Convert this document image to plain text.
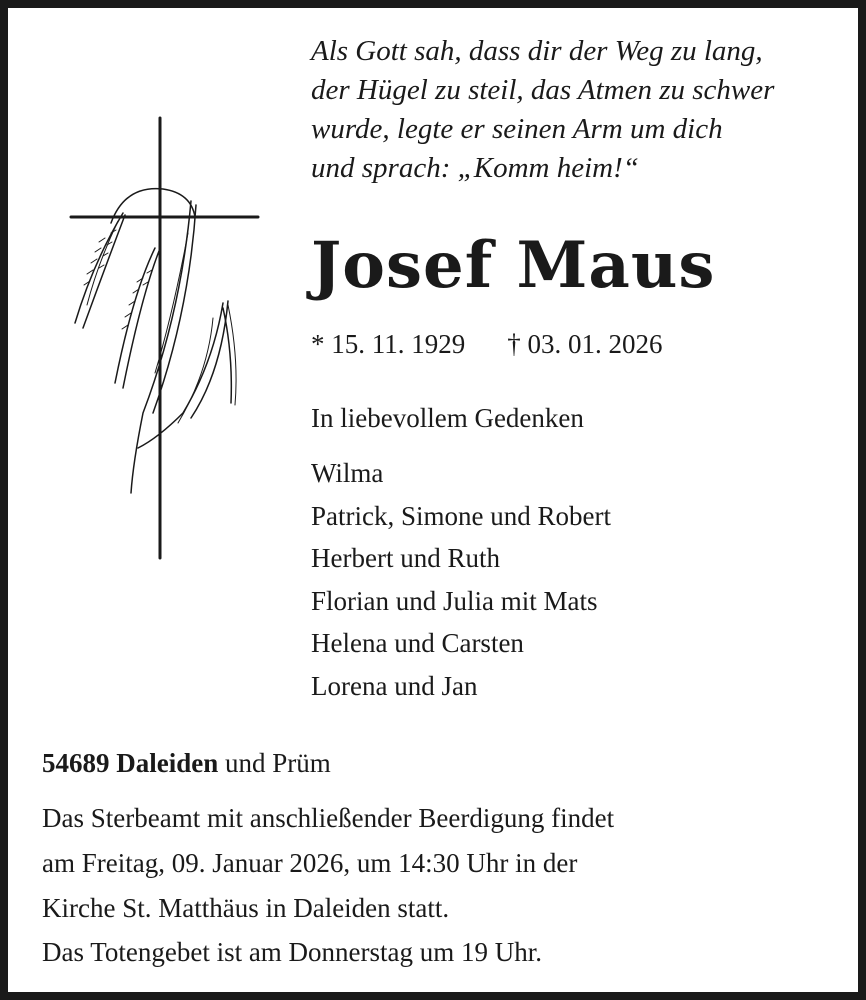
Als Gott sah, dass dir der Weg zu lang,
der Hügel zu steil, das Atmen zu schwer
wurde, legte er seinen Arm um dich
und sprach: „Komm heim!“
Josef Maus
* 15. 11. 1929 † 03. 01. 2026
In liebevollem Gedenken
Wilma
Patrick, Simone und Robert
Herbert und Ruth
Florian und Julia mit Mats
Helena und Carsten
Lorena und Jan
54689 Daleiden und Prüm
Das Sterbeamt mit anschließender Beerdigung findet
am Freitag, 09. Januar 2026, um 14:30 Uhr in der
Kirche St. Matthäus in Daleiden statt.
Das Totengebet ist am Donnerstag um 19 Uhr.
